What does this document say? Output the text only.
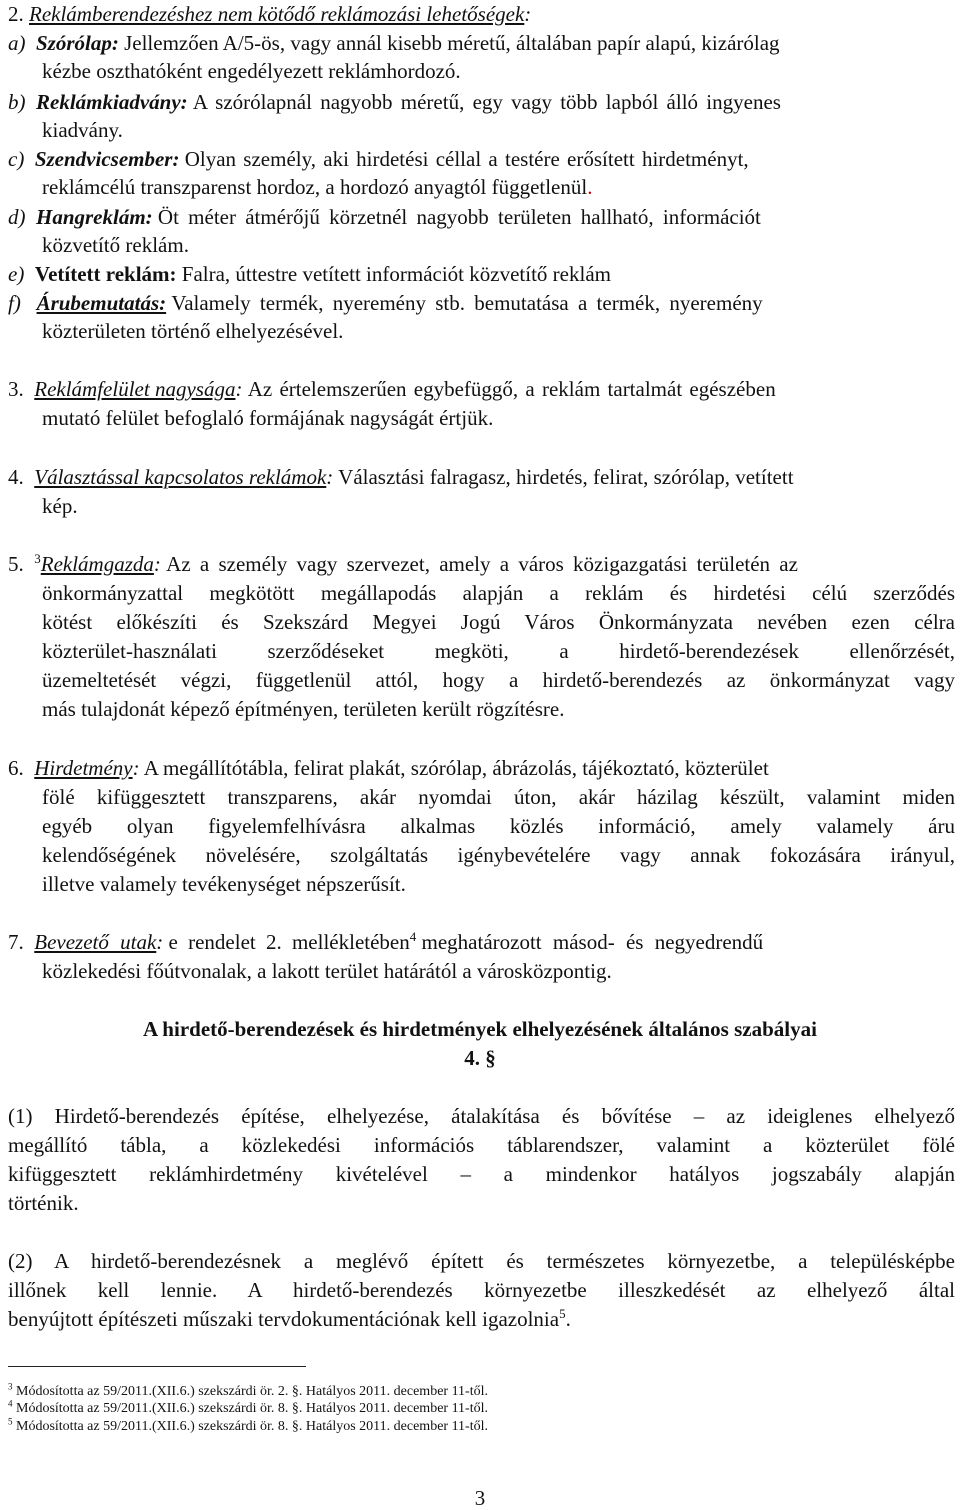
2. Reklámberendezéshez nem kötődő reklámozási lehetőségek:
a) Szórólap: Jellemzően A/5-ös, vagy annál kisebb méretű, általában papír alapú, kizárólag
kézbe oszthatóként engedélyezett reklámhordozó.
b) Reklámkiadvány: A szórólapnál nagyobb méretű, egy vagy több lapból álló ingyenes
kiadvány.
c) Szendvicsember: Olyan személy, aki hirdetési céllal a testére erősített hirdetményt,
reklámcélú transzparenst hordoz, a hordozó anyagtól függetlenül.
d) Hangreklám: Öt méter átmérőjű körzetnél nagyobb területen hallható, információt
közvetítő reklám.
e) Vetített reklám: Falra, úttestre vetített információt közvetítő reklám
f) Árubemutatás: Valamely termék, nyeremény stb. bemutatása a termék, nyeremény
közterületen történő elhelyezésével.
3. Reklámfelület nagysága: Az értelemszerűen egybefüggő, a reklám tartalmát egészében
mutató felület befoglaló formájának nagyságát értjük.
4. Választással kapcsolatos reklámok: Választási falragasz, hirdetés, felirat, szórólap, vetített
kép.
5. $^3$Reklámgazda: Az a személy vagy szervezet, amely a város közigazgatási területén az
önkormányzattal megkötött megállapodás alapján a reklám és hirdetési célú szerződés
kötést előkészíti és Szekszárd Megyei Jogú Város Önkormányzata nevében ezen célra
közterület-használati szerződéseket megköti, a hirdető-berendezések ellenőrzését,
üzemeltetését végzi, függetlenül attól, hogy a hirdető-berendezés az önkormányzat vagy
más tulajdonát képező építményen, területen került rögzítésre.
6. Hirdetmény: A megállítótábla, felirat plakát, szórólap, ábrázolás, tájékoztató, közterület
fölé kifüggesztett transzparens, akár nyomdai úton, akár házilag készült, valamint miden
egyéb olyan figyelemfelhívásra alkalmas közlés információ, amely valamely áru
kelendőségének növelésére, szolgáltatás igénybevételére vagy annak fokozására irányul,
illetve valamely tevékenységet népszerűsít.
7. Bevezető utak: e rendelet 2. mellékletében$^4$ meghatározott másod- és negyedrendű
közlekedési főútvonalak, a lakott terület határától a városközpontig.
A hirdető-berendezések és hirdetmények elhelyezésének általános szabályai
4. §
(1) Hirdető-berendezés építése, elhelyezése, átalakítása és bővítése – az ideiglenes elhelyező
megállító tábla, a közlekedési információs táblarendszer, valamint a közterület fölé
kifüggesztett reklámhirdetmény kivételével – a mindenkor hatályos jogszabály alapján
történik.
(2) A hirdető-berendezésnek a meglévő épített és természetes környezetbe, a településképbe
illőnek kell lennie. A hirdető-berendezés környezetbe illeszkedését az elhelyező által
benyújtott építészeti műszaki tervdokumentációnak kell igazolnia$^5$.
$^3$ Módosította az 59/2011.(XII.6.) szekszárdi ör. 2. §. Hatályos 2011. december 11-től.
$^4$ Módosította az 59/2011.(XII.6.) szekszárdi ör. 8. §. Hatályos 2011. december 11-től.
$^5$ Módosította az 59/2011.(XII.6.) szekszárdi ör. 8. §. Hatályos 2011. december 11-től.
3
